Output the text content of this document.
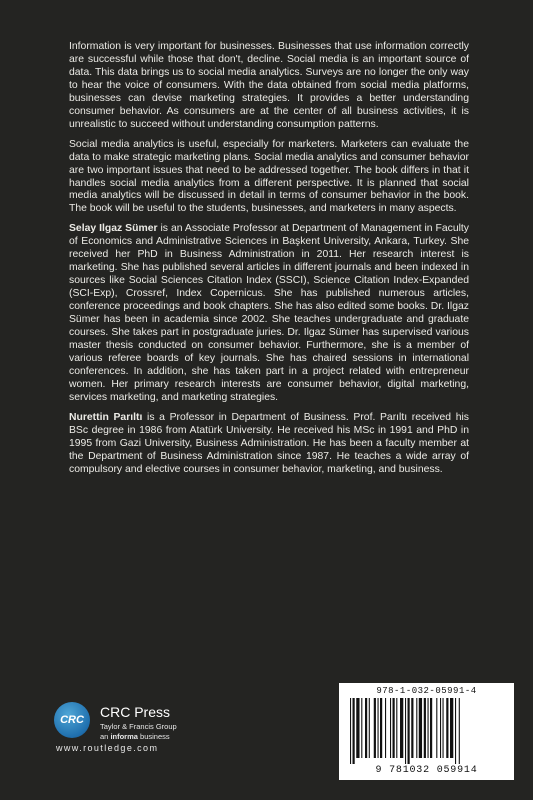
Information is very important for businesses. Businesses that use information correctly are successful while those that don't, decline. Social media is an important source of data. This data brings us to social media analytics. Surveys are no longer the only way to hear the voice of consumers. With the data obtained from social media platforms, businesses can devise marketing strategies. It provides a better understanding consumer behavior. As consumers are at the center of all business activities, it is unrealistic to succeed without understanding consumption patterns.

Social media analytics is useful, especially for marketers. Marketers can evaluate the data to make strategic marketing plans. Social media analytics and consumer behavior are two important issues that need to be addressed together. The book differs in that it handles social media analytics from a different perspective. It is planned that social media analytics will be discussed in detail in terms of consumer behavior in the book. The book will be useful to the students, businesses, and marketers in many aspects.

Selay Ilgaz Sümer is an Associate Professor at Department of Management in Faculty of Economics and Administrative Sciences in Başkent University, Ankara, Turkey. She received her PhD in Business Administration in 2011. Her research interest is marketing. She has published several articles in different journals and been indexed in sources like Social Sciences Citation Index (SSCI), Science Citation Index-Expanded (SCI-Exp), Crossref, Index Copernicus. She has published numerous articles, conference proceedings and book chapters. She has also edited some books. Dr. Ilgaz Sümer has been in academia since 2002. She teaches undergraduate and graduate courses. She takes part in postgraduate juries. Dr. Ilgaz Sümer has supervised various master thesis conducted on consumer behavior. Furthermore, she is a member of various referee boards of key journals. She has chaired sessions in international conferences. In addition, she has taken part in a project related with entrepreneur women. Her primary research interests are consumer behavior, digital marketing, services marketing, and marketing strategies.

Nurettin Parıltı is a Professor in Department of Business. Prof. Parıltı received his BSc degree in 1986 from Atatürk University. He received his MSc in 1991 and PhD in 1995 from Gazi University, Business Administration. He has been a faculty member at the Department of Business Administration since 1987. He teaches a wide array of compulsory and elective courses in consumer behavior, marketing, and business.

CRC CRC Press
Taylor & Francis Group
an informa business
www.routledge.com
978-1-032-05991-4
9 781032 059914
